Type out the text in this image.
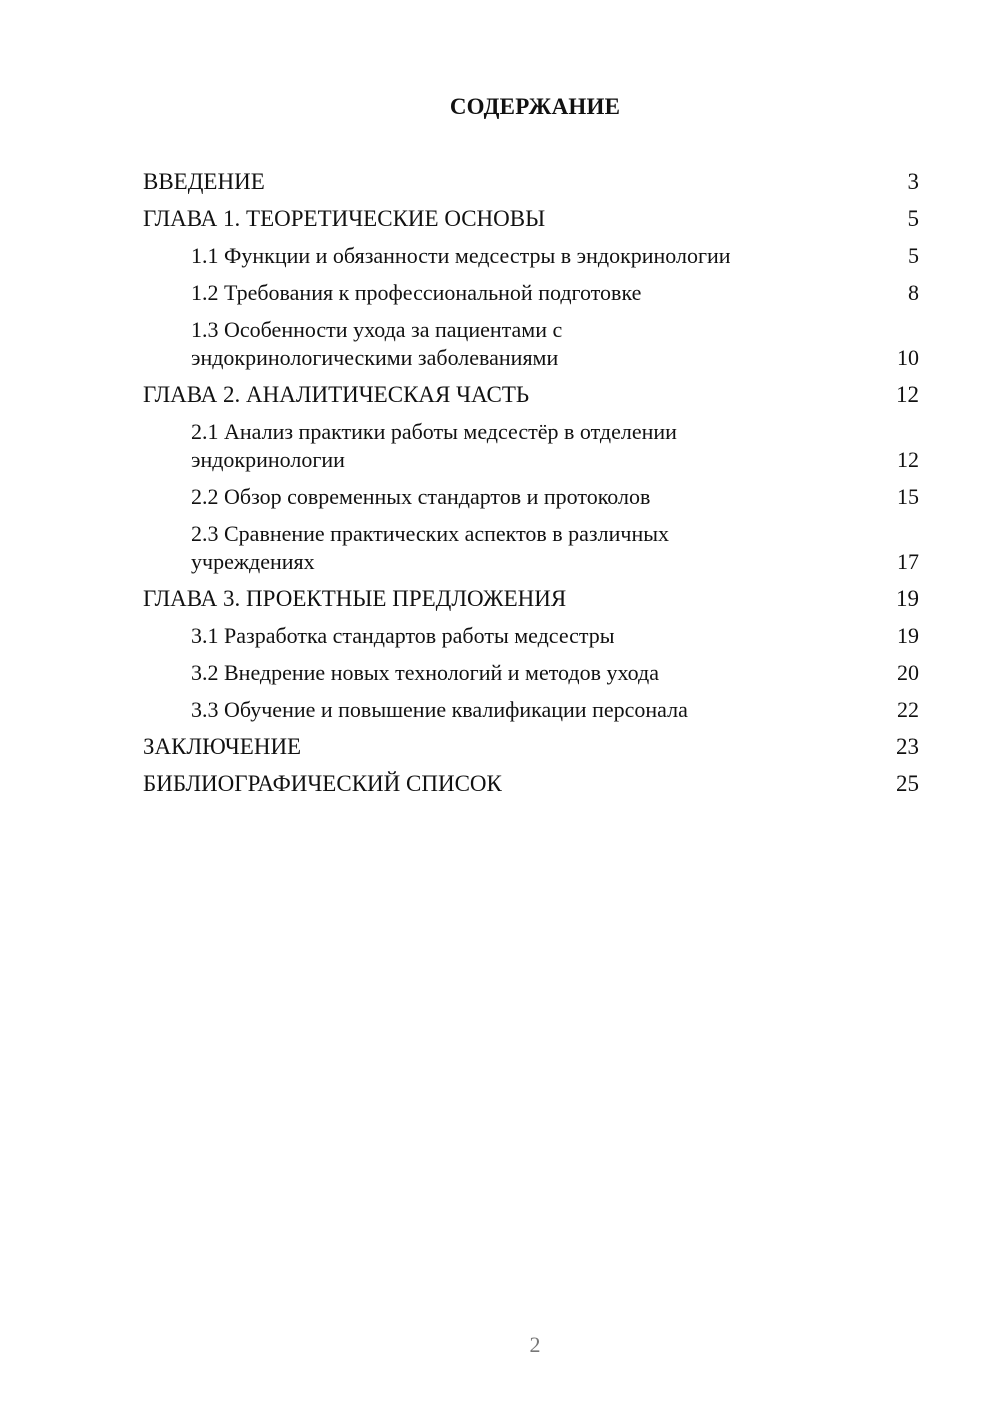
СОДЕРЖАНИЕ
ВВЕДЕНИЕ	3
ГЛАВА 1. ТЕОРЕТИЧЕСКИЕ ОСНОВЫ	5
1.1 Функции и обязанности медсестры в эндокринологии	5
1.2 Требования к профессиональной подготовке	8
1.3 Особенности ухода за пациентами с эндокринологическими заболеваниями	10
ГЛАВА 2. АНАЛИТИЧЕСКАЯ ЧАСТЬ	12
2.1 Анализ практики работы медсестёр в отделении эндокринологии	12
2.2 Обзор современных стандартов и протоколов	15
2.3 Сравнение практических аспектов в различных учреждениях	17
ГЛАВА 3. ПРОЕКТНЫЕ ПРЕДЛОЖЕНИЯ	19
3.1 Разработка стандартов работы медсестры	19
3.2 Внедрение новых технологий и методов ухода	20
3.3 Обучение и повышение квалификации персонала	22
ЗАКЛЮЧЕНИЕ	23
БИБЛИОГРАФИЧЕСКИЙ СПИСОК	25
2
